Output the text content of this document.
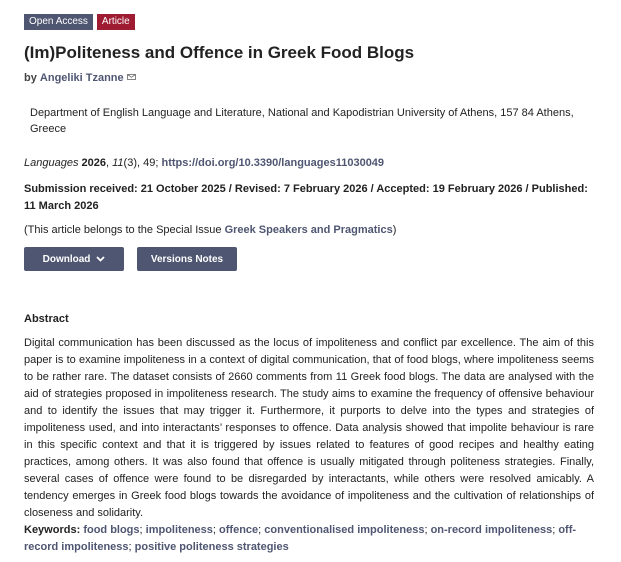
Open Access	Article
(Im)Politeness and Offence in Greek Food Blogs
by Angeliki Tzanne
Department of English Language and Literature, National and Kapodistrian University of Athens, 157 84 Athens, Greece
Languages 2026, 11(3), 49; https://doi.org/10.3390/languages11030049
Submission received: 21 October 2025 / Revised: 7 February 2026 / Accepted: 19 February 2026 / Published: 11 March 2026
(This article belongs to the Special Issue Greek Speakers and Pragmatics)
Download	Versions Notes
Abstract
Digital communication has been discussed as the locus of impoliteness and conflict par excellence. The aim of this paper is to examine impoliteness in a context of digital communication, that of food blogs, where impoliteness seems to be rather rare. The dataset consists of 2660 comments from 11 Greek food blogs. The data are analysed with the aid of strategies proposed in impoliteness research. The study aims to examine the frequency of offensive behaviour and to identify the issues that may trigger it. Furthermore, it purports to delve into the types and strategies of impoliteness used, and into interactants’ responses to offence. Data analysis showed that impolite behaviour is rare in this specific context and that it is triggered by issues related to features of good recipes and healthy eating practices, among others. It was also found that offence is usually mitigated through politeness strategies. Finally, several cases of offence were found to be disregarded by interactants, while others were resolved amicably. A tendency emerges in Greek food blogs towards the avoidance of impoliteness and the cultivation of relationships of closeness and solidarity.
Keywords: food blogs; impoliteness; offence; conventionalised impoliteness; on-record impoliteness; off-record impoliteness; positive politeness strategies
